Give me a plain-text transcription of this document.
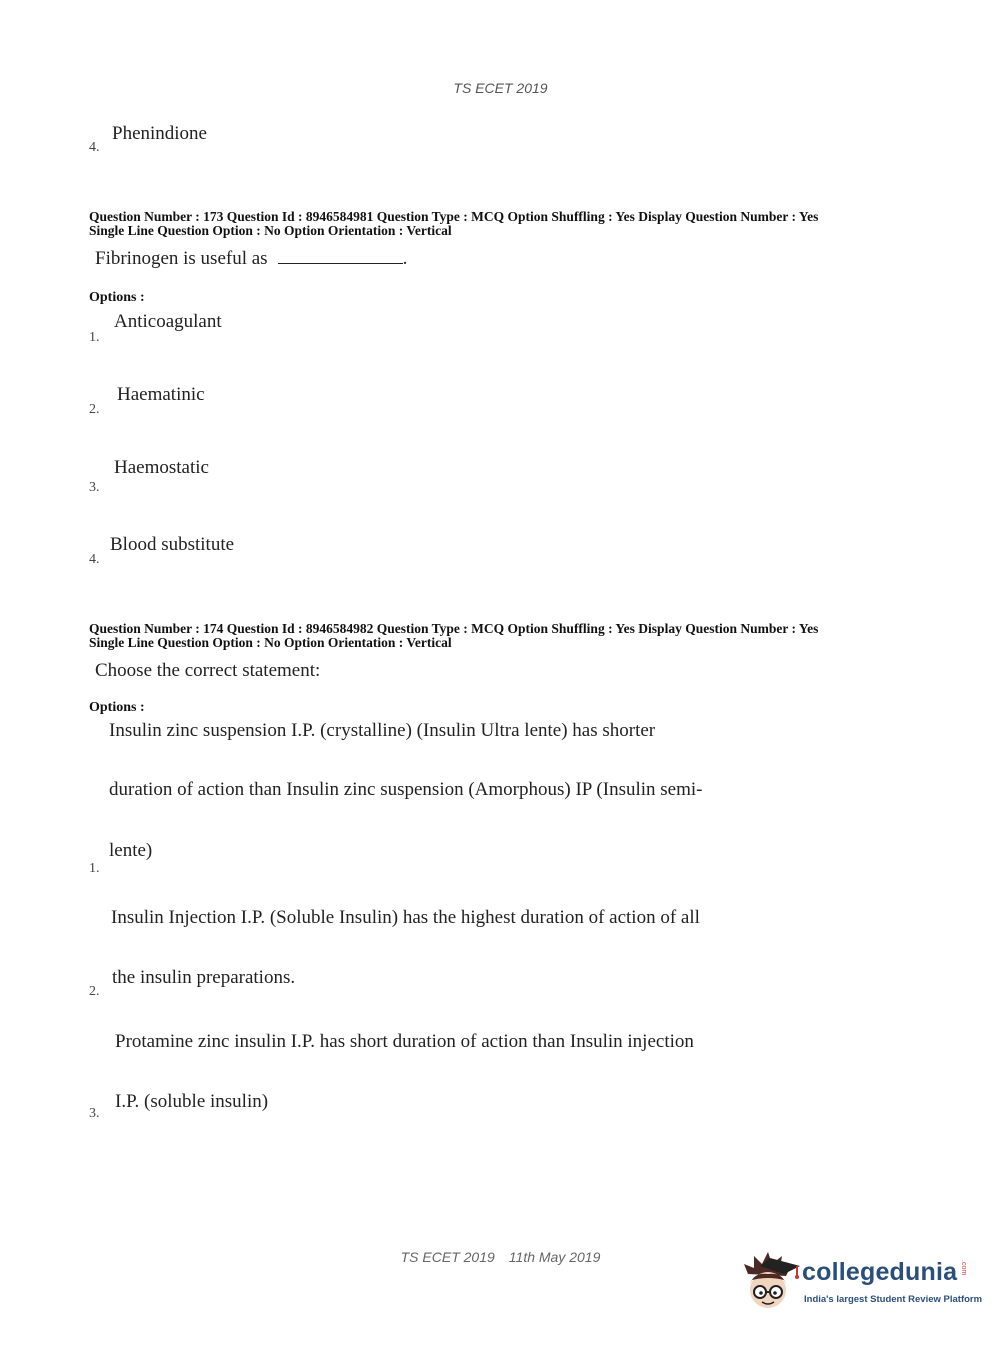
TS ECET 2019
Phenindione
4.
Question Number : 173 Question Id : 8946584981 Question Type : MCQ Option Shuffling : Yes Display Question Number : Yes
Single Line Question Option : No Option Orientation : Vertical
Fibrinogen is useful as	.
Options :
Anticoagulant
1.
Haematinic
2.
Haemostatic
3.
Blood substitute
4.
Question Number : 174 Question Id : 8946584982 Question Type : MCQ Option Shuffling : Yes Display Question Number : Yes
Single Line Question Option : No Option Orientation : Vertical
Choose the correct statement:
Options :
Insulin zinc suspension I.P. (crystalline) (Insulin Ultra lente) has shorter
duration of action than Insulin zinc suspension (Amorphous) IP (Insulin semi-
lente)
1.
Insulin Injection I.P. (Soluble Insulin) has the highest duration of action of all
the insulin preparations.
2.
Protamine zinc insulin I.P. has short duration of action than Insulin injection
I.P. (soluble insulin)
3.
TS ECET 2019 11th May 2019
collegedunia .com
India's largest Student Review Platform
